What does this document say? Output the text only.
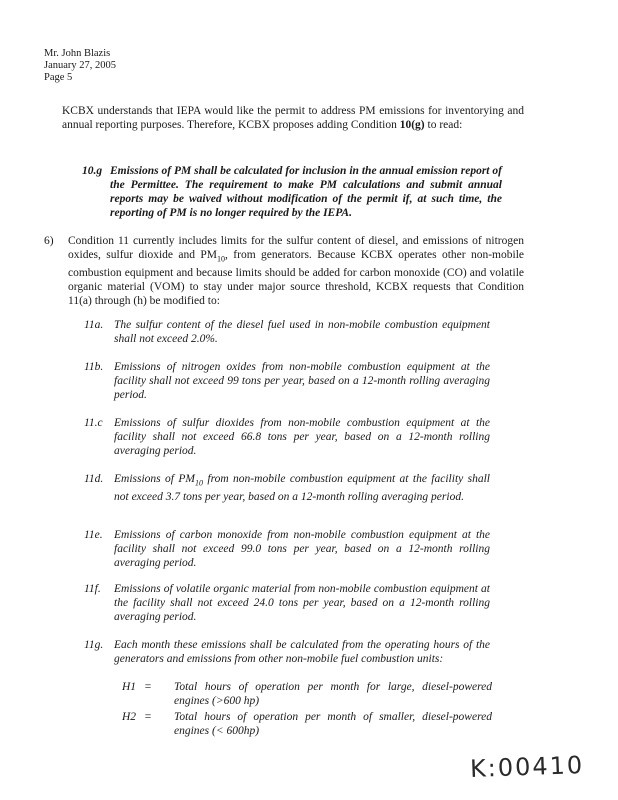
Mr. John Blazis
January 27, 2005
Page 5
KCBX understands that IEPA would like the permit to address PM emissions for inventorying and annual reporting purposes. Therefore, KCBX proposes adding Condition 10(g) to read:
10.g Emissions of PM shall be calculated for inclusion in the annual emission report of the Permittee. The requirement to make PM calculations and submit annual reports may be waived without modification of the permit if, at such time, the reporting of PM is no longer required by the IEPA.
6) Condition 11 currently includes limits for the sulfur content of diesel, and emissions of nitrogen oxides, sulfur dioxide and $PM_{10}$, from generators. Because KCBX operates other non-mobile combustion equipment and because limits should be added for carbon monoxide (CO) and volatile organic material (VOM) to stay under major source threshold, KCBX requests that Condition 11(a) through (h) be modified to:
11a. The sulfur content of the diesel fuel used in non-mobile combustion equipment shall not exceed 2.0%.
11b. Emissions of nitrogen oxides from non-mobile combustion equipment at the facility shall not exceed 99 tons per year, based on a 12-month rolling averaging period.
11.c Emissions of sulfur dioxides from non-mobile combustion equipment at the facility shall not exceed 66.8 tons per year, based on a 12-month rolling averaging period.
11d. Emissions of $PM_{10}$ from non-mobile combustion equipment at the facility shall not exceed 3.7 tons per year, based on a 12-month rolling averaging period.
11e. Emissions of carbon monoxide from non-mobile combustion equipment at the facility shall not exceed 99.0 tons per year, based on a 12-month rolling averaging period.
11f.	Emissions of volatile organic material from non-mobile combustion equipment at the facility shall not exceed 24.0 tons per year, based on a 12-month rolling averaging period.
11g. Each month these emissions shall be calculated from the operating hours of the generators and emissions from other non-mobile fuel combustion units:
H1 = Total hours of operation per month for large, diesel-powered engines (>600 hp)
H2 = Total hours of operation per month of smaller, diesel-powered engines (< 600hp)
K:00410
